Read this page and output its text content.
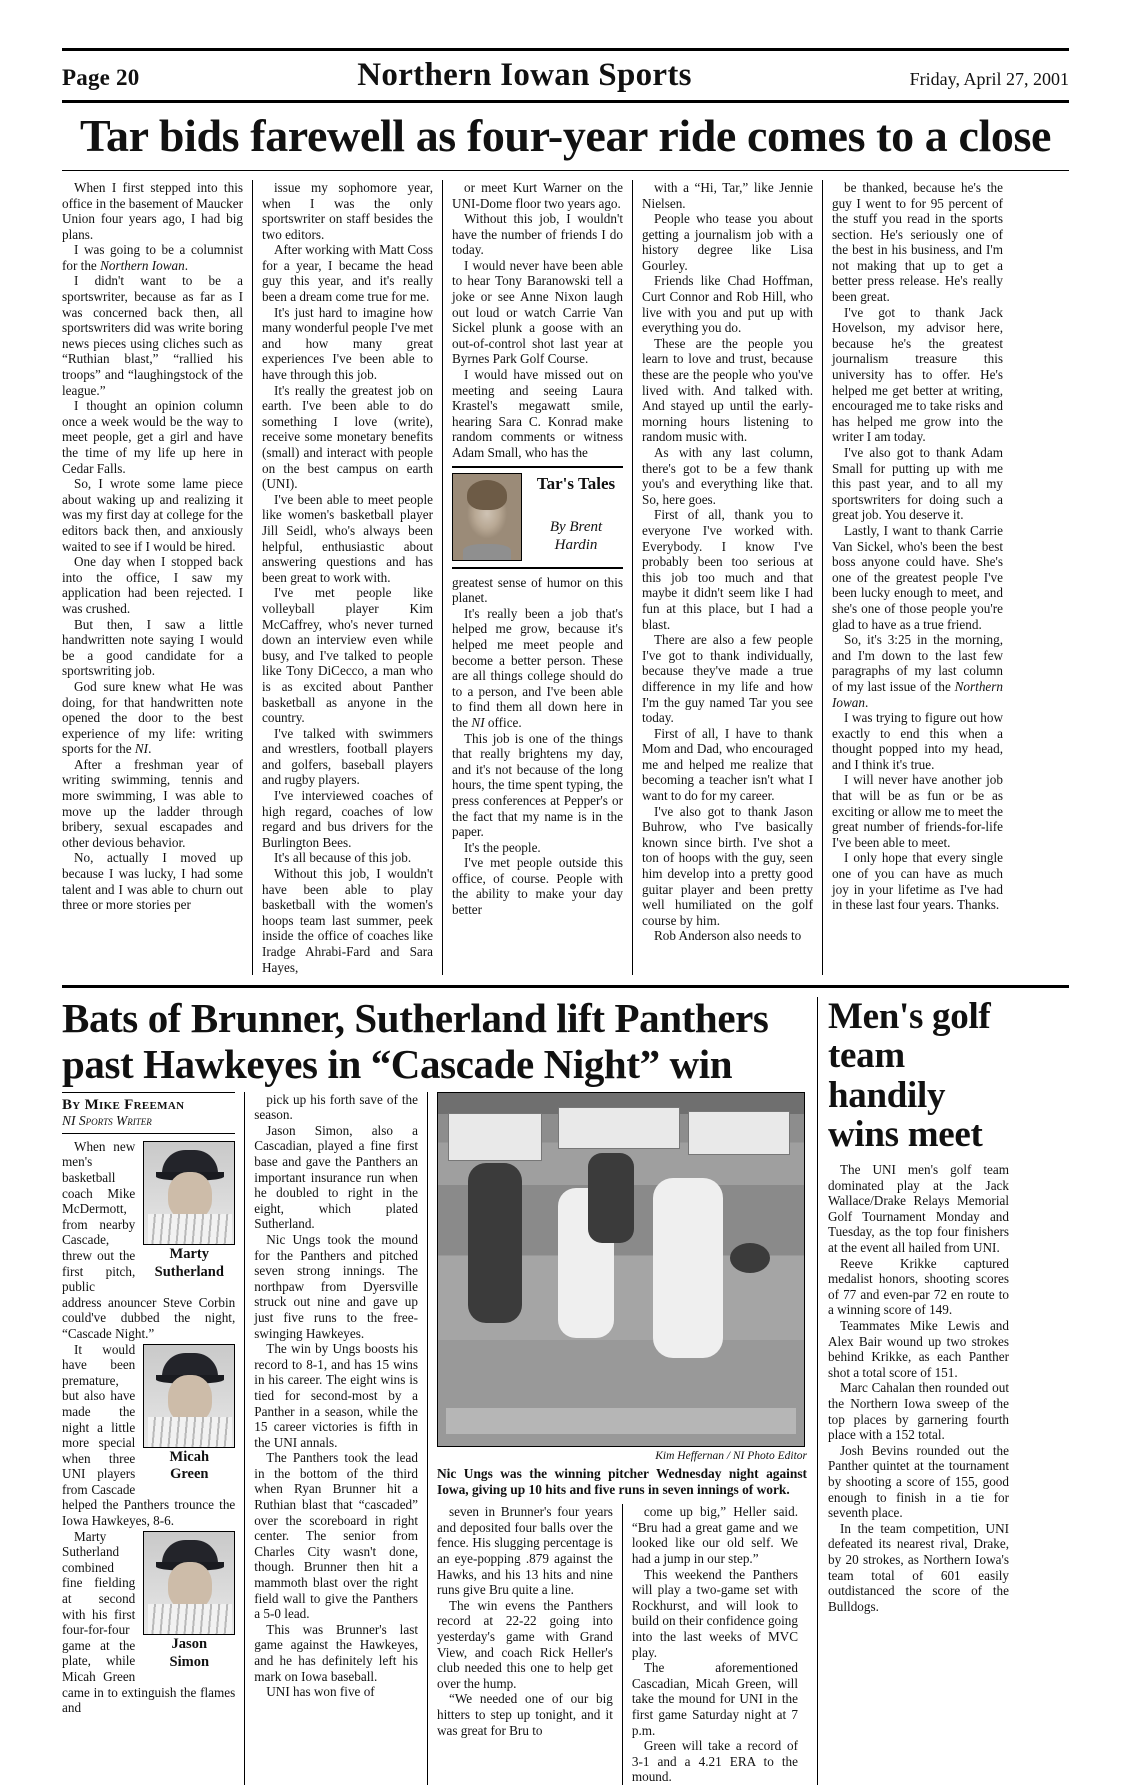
Page 20	Northern Iowan Sports	Friday, April 27, 2001
Tar bids farewell as four-year ride comes to a close

When I first stepped into this office in the basement of Maucker Union four years ago, I had big plans.

I was going to be a columnist for the Northern Iowan.

I didn't want to be a sportswriter, because as far as I was concerned back then, all sportswriters did was write boring news pieces using cliches such as “Ruthian blast,” “rallied his troops” and “laughingstock of the league.”

I thought an opinion column once a week would be the way to meet people, get a girl and have the time of my life up here in Cedar Falls.

So, I wrote some lame piece about waking up and realizing it was my first day at college for the editors back then, and anxiously waited to see if I would be hired.

One day when I stopped back into the office, I saw my application had been rejected. I was crushed.

But then, I saw a little handwritten note saying I would be a good candidate for a sportswriting job.

God sure knew what He was doing, for that handwritten note opened the door to the best experience of my life: writing sports for the NI.

After a freshman year of writing swimming, tennis and more swimming, I was able to move up the ladder through bribery, sexual escapades and other devious behavior.

No, actually I moved up because I was lucky, I had some talent and I was able to churn out three or more stories per

issue my sophomore year, when I was the only sportswriter on staff besides the two editors.

After working with Matt Coss for a year, I became the head guy this year, and it's really been a dream come true for me.

It's just hard to imagine how many wonderful people I've met and how many great experiences I've been able to have through this job.

It's really the greatest job on earth. I've been able to do something I love (write), receive some monetary benefits (small) and interact with people on the best campus on earth (UNI).

I've been able to meet people like women's basketball player Jill Seidl, who's always been helpful, enthusiastic about answering questions and has been great to work with.

I've met people like volleyball player Kim McCaffrey, who's never turned down an interview even while busy, and I've talked to people like Tony DiCecco, a man who is as excited about Panther basketball as anyone in the country.

I've talked with swimmers and wrestlers, football players and golfers, baseball players and rugby players.

I've interviewed coaches of high regard, coaches of low regard and bus drivers for the Burlington Bees.

It's all because of this job.

Without this job, I wouldn't have been able to play basketball with the women's hoops team last summer, peek inside the office of coaches like Iradge Ahrabi-Fard and Sara Hayes,

or meet Kurt Warner on the UNI-Dome floor two years ago.

Without this job, I wouldn't have the number of friends I do today.

I would never have been able to hear Tony Baranowski tell a joke or see Anne Nixon laugh out loud or watch Carrie Van Sickel plunk a goose with an out-of-control shot last year at Byrnes Park Golf Course.

I would have missed out on meeting and seeing Laura Krastel's megawatt smile, hearing Sara C. Konrad make random comments or witness Adam Small, who has the

Tar's Tales
By Brent
Hardin

greatest sense of humor on this planet.

It's really been a job that's helped me grow, because it's helped me meet people and become a better person. These are all things college should do to a person, and I've been able to find them all down here in the NI office.

This job is one of the things that really brightens my day, and it's not because of the long hours, the time spent typing, the press conferences at Pepper's or the fact that my name is in the paper.

It's the people.

I've met people outside this office, of course. People with the ability to make your day better

with a “Hi, Tar,” like Jennie Nielsen.

People who tease you about getting a journalism job with a history degree like Lisa Gourley.

Friends like Chad Hoffman, Curt Connor and Rob Hill, who live with you and put up with everything you do.

These are the people you learn to love and trust, because these are the people who you've lived with. And talked with. And stayed up until the early-morning hours listening to random music with.

As with any last column, there's got to be a few thank you's and everything like that. So, here goes.

First of all, thank you to everyone I've worked with. Everybody. I know I've probably been too serious at this job too much and that maybe it didn't seem like I had fun at this place, but I had a blast.

There are also a few people I've got to thank individually, because they've made a true difference in my life and how I'm the guy named Tar you see today.

First of all, I have to thank Mom and Dad, who encouraged me and helped me realize that becoming a teacher isn't what I want to do for my career.

I've also got to thank Jason Buhrow, who I've basically known since birth. I've shot a ton of hoops with the guy, seen him develop into a pretty good guitar player and been pretty well humiliated on the golf course by him.

Rob Anderson also needs to

be thanked, because he's the guy I went to for 95 percent of the stuff you read in the sports section. He's seriously one of the best in his business, and I'm not making that up to get a better press release. He's really been great.

I've got to thank Jack Hovelson, my advisor here, because he's the greatest journalism treasure this university has to offer. He's helped me get better at writing, encouraged me to take risks and has helped me grow into the writer I am today.

I've also got to thank Adam Small for putting up with me this past year, and to all my sportswriters for doing such a great job. You deserve it.

Lastly, I want to thank Carrie Van Sickel, who's been the best boss anyone could have. She's one of the greatest people I've been lucky enough to meet, and she's one of those people you're glad to have as a true friend.

So, it's 3:25 in the morning, and I'm down to the last few paragraphs of my last column of my last issue of the Northern Iowan.

I was trying to figure out how exactly to end this when a thought popped into my head, and I think it's true.

I will never have another job that will be as fun or be as exciting or allow me to meet the great number of friends-for-life I've been able to meet.

I only hope that every single one of you can have as much joy in your lifetime as I've had in these last four years. Thanks.

Bats of Brunner, Sutherland lift Panthers
past Hawkeyes in “Cascade Night” win
By Mike Freeman
NI Sports Writer
Marty
Sutherland

When new men's basketball coach Mike McDermott, from nearby Cascade, threw out the first pitch, public address anouncer Steve Corbin could've dubbed the night, “Cascade Night.”

Micah
Green

It would have been premature, but also have made the night a little more special when three UNI players from Cascade helped the Panthers trounce the Iowa Hawkeyes, 8-6.

Jason
Simon

Marty Sutherland combined fine fielding at second with his first four-for-four game at the plate, while Micah Green came in to extinguish the flames and

pick up his forth save of the season.

Jason Simon, also a Cascadian, played a fine first base and gave the Panthers an important insurance run when he doubled to right in the eight, which plated Sutherland.

Nic Ungs took the mound for the Panthers and pitched seven strong innings. The northpaw from Dyersville struck out nine and gave up just five runs to the free-swinging Hawkeyes.

The win by Ungs boosts his record to 8-1, and has 15 wins in his career. The eight wins is tied for second-most by a Panther in a season, while the 15 career victories is fifth in the UNI annals.

The Panthers took the lead in the bottom of the third when Ryan Brunner hit a Ruthian blast that “cascaded” over the scoreboard in right center. The senior from Charles City wasn't done, though. Brunner then hit a mammoth blast over the right field wall to give the Panthers a 5-0 lead.

This was Brunner's last game against the Hawkeyes, and he has definitely left his mark on Iowa baseball.

UNI has won five of

Kim Heffernan / NI Photo Editor
Nic Ungs was the winning pitcher Wednesday night against Iowa, giving up 10 hits and five runs in seven innings of work.

seven in Brunner's four years and deposited four balls over the fence. His slugging percentage is an eye-popping .879 against the Hawks, and his 13 hits and nine runs give Bru quite a line.

The win evens the Panthers record at 22-22 going into yesterday's game with Grand View, and coach Rick Heller's club needed this one to help get over the hump.

“We needed one of our big hitters to step up tonight, and it was great for Bru to

come up big,” Heller said. “Bru had a great game and we looked like our old self. We had a jump in our step.”

This weekend the Panthers will play a two-game set with Rockhurst, and will look to build on their confidence going into the last weeks of MVC play.

The aforementioned Cascadian, Micah Green, will take the mound for UNI in the first game Saturday night at 7 p.m.

Green will take a record of 3-1 and a 4.21 ERA to the mound.

Men's golf team handily wins meet

The UNI men's golf team dominated play at the Jack Wallace/Drake Relays Memorial Golf Tournament Monday and Tuesday, as the top four finishers at the event all hailed from UNI.

Reeve Krikke captured medalist honors, shooting scores of 77 and even-par 72 en route to a winning score of 149.

Teammates Mike Lewis and Alex Bair wound up two strokes behind Krikke, as each Panther shot a total score of 151.

Marc Cahalan then rounded out the Northern Iowa sweep of the top places by garnering fourth place with a 152 total.

Josh Bevins rounded out the Panther quintet at the tournament by shooting a score of 155, good enough to finish in a tie for seventh place.

In the team competition, UNI defeated its nearest rival, Drake, by 20 strokes, as Northern Iowa's team total of 601 easily outdistanced the score of the Bulldogs.
